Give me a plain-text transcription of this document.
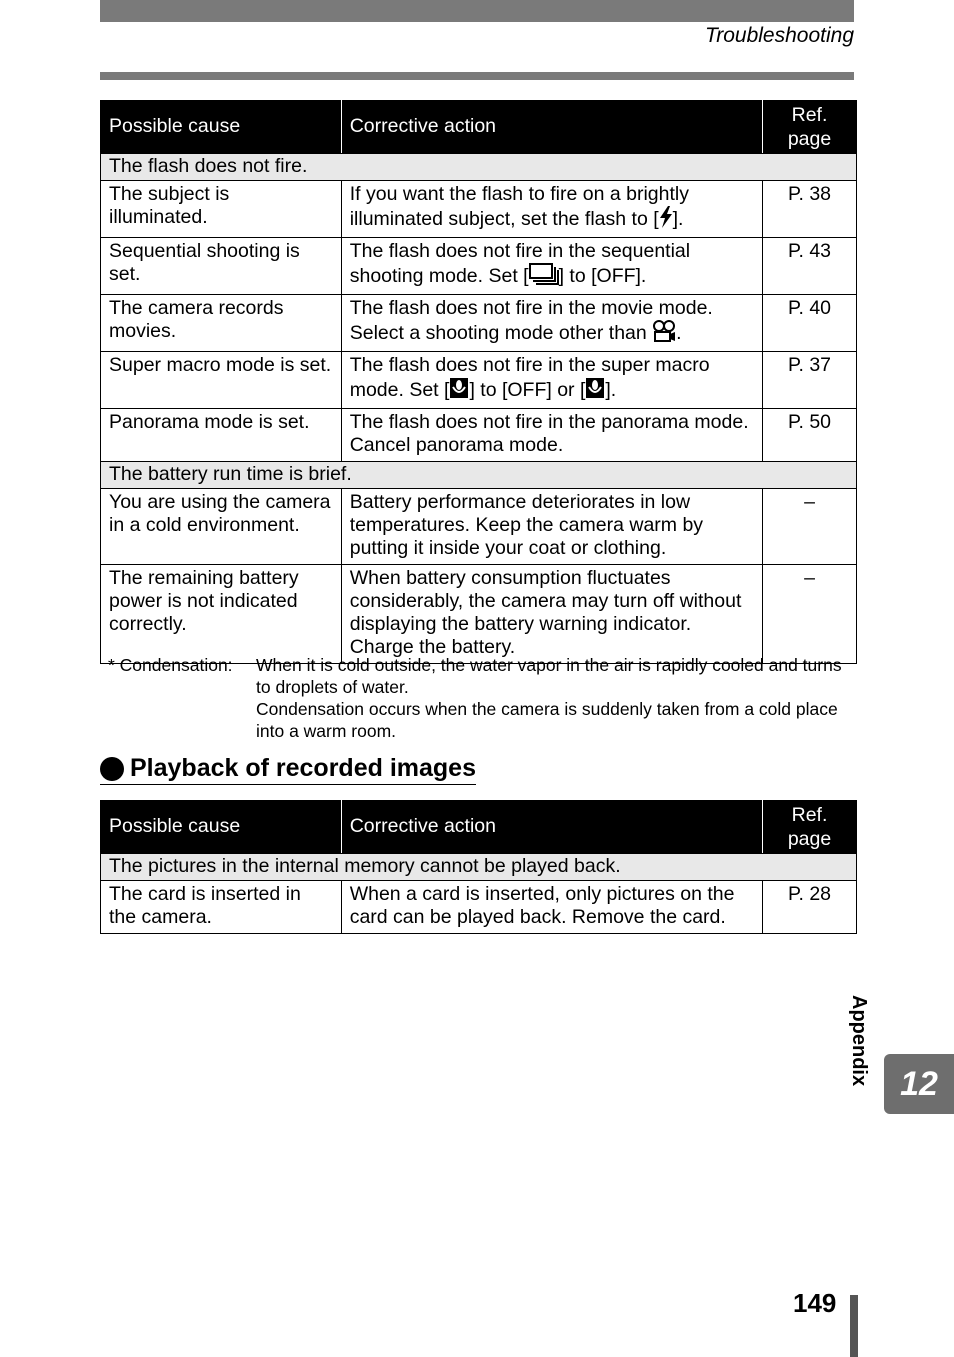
Troubleshooting
Possible cause	Corrective action	Ref. page
The flash does not fire.		
The subject is illuminated.	If you want the flash to fire on a brightly illuminated subject, set the flash to [ ].	P. 38
Sequential shooting is set.	The flash does not fire in the sequential shooting mode. Set [ ] to [OFF].	P. 43
The camera records movies.	The flash does not fire in the movie mode. Select a shooting mode other than .	P. 40
Super macro mode is set.	The flash does not fire in the super macro mode. Set [ ] to [OFF] or [ ].	P. 37
Panorama mode is set.	The flash does not fire in the panorama mode. Cancel panorama mode.	P. 50
The battery run time is brief.		
You are using the camera in a cold environment.	Battery performance deteriorates in low temperatures. Keep the camera warm by putting it inside your coat or clothing.	–
The remaining battery power is not indicated correctly.	When battery consumption fluctuates considerably, the camera may turn off without displaying the battery warning indicator. Charge the battery.	–
* Condensation: When it is cold outside, the water vapor in the air is rapidly cooled and turns to droplets of water.
Condensation occurs when the camera is suddenly taken from a cold place into a warm room.
Playback of recorded images
Possible cause	Corrective action	Ref. page
The pictures in the internal memory cannot be played back.		
The card is inserted in the camera.	When a card is inserted, only pictures on the card can be played back. Remove the card.	P. 28
Appendix 12
149
